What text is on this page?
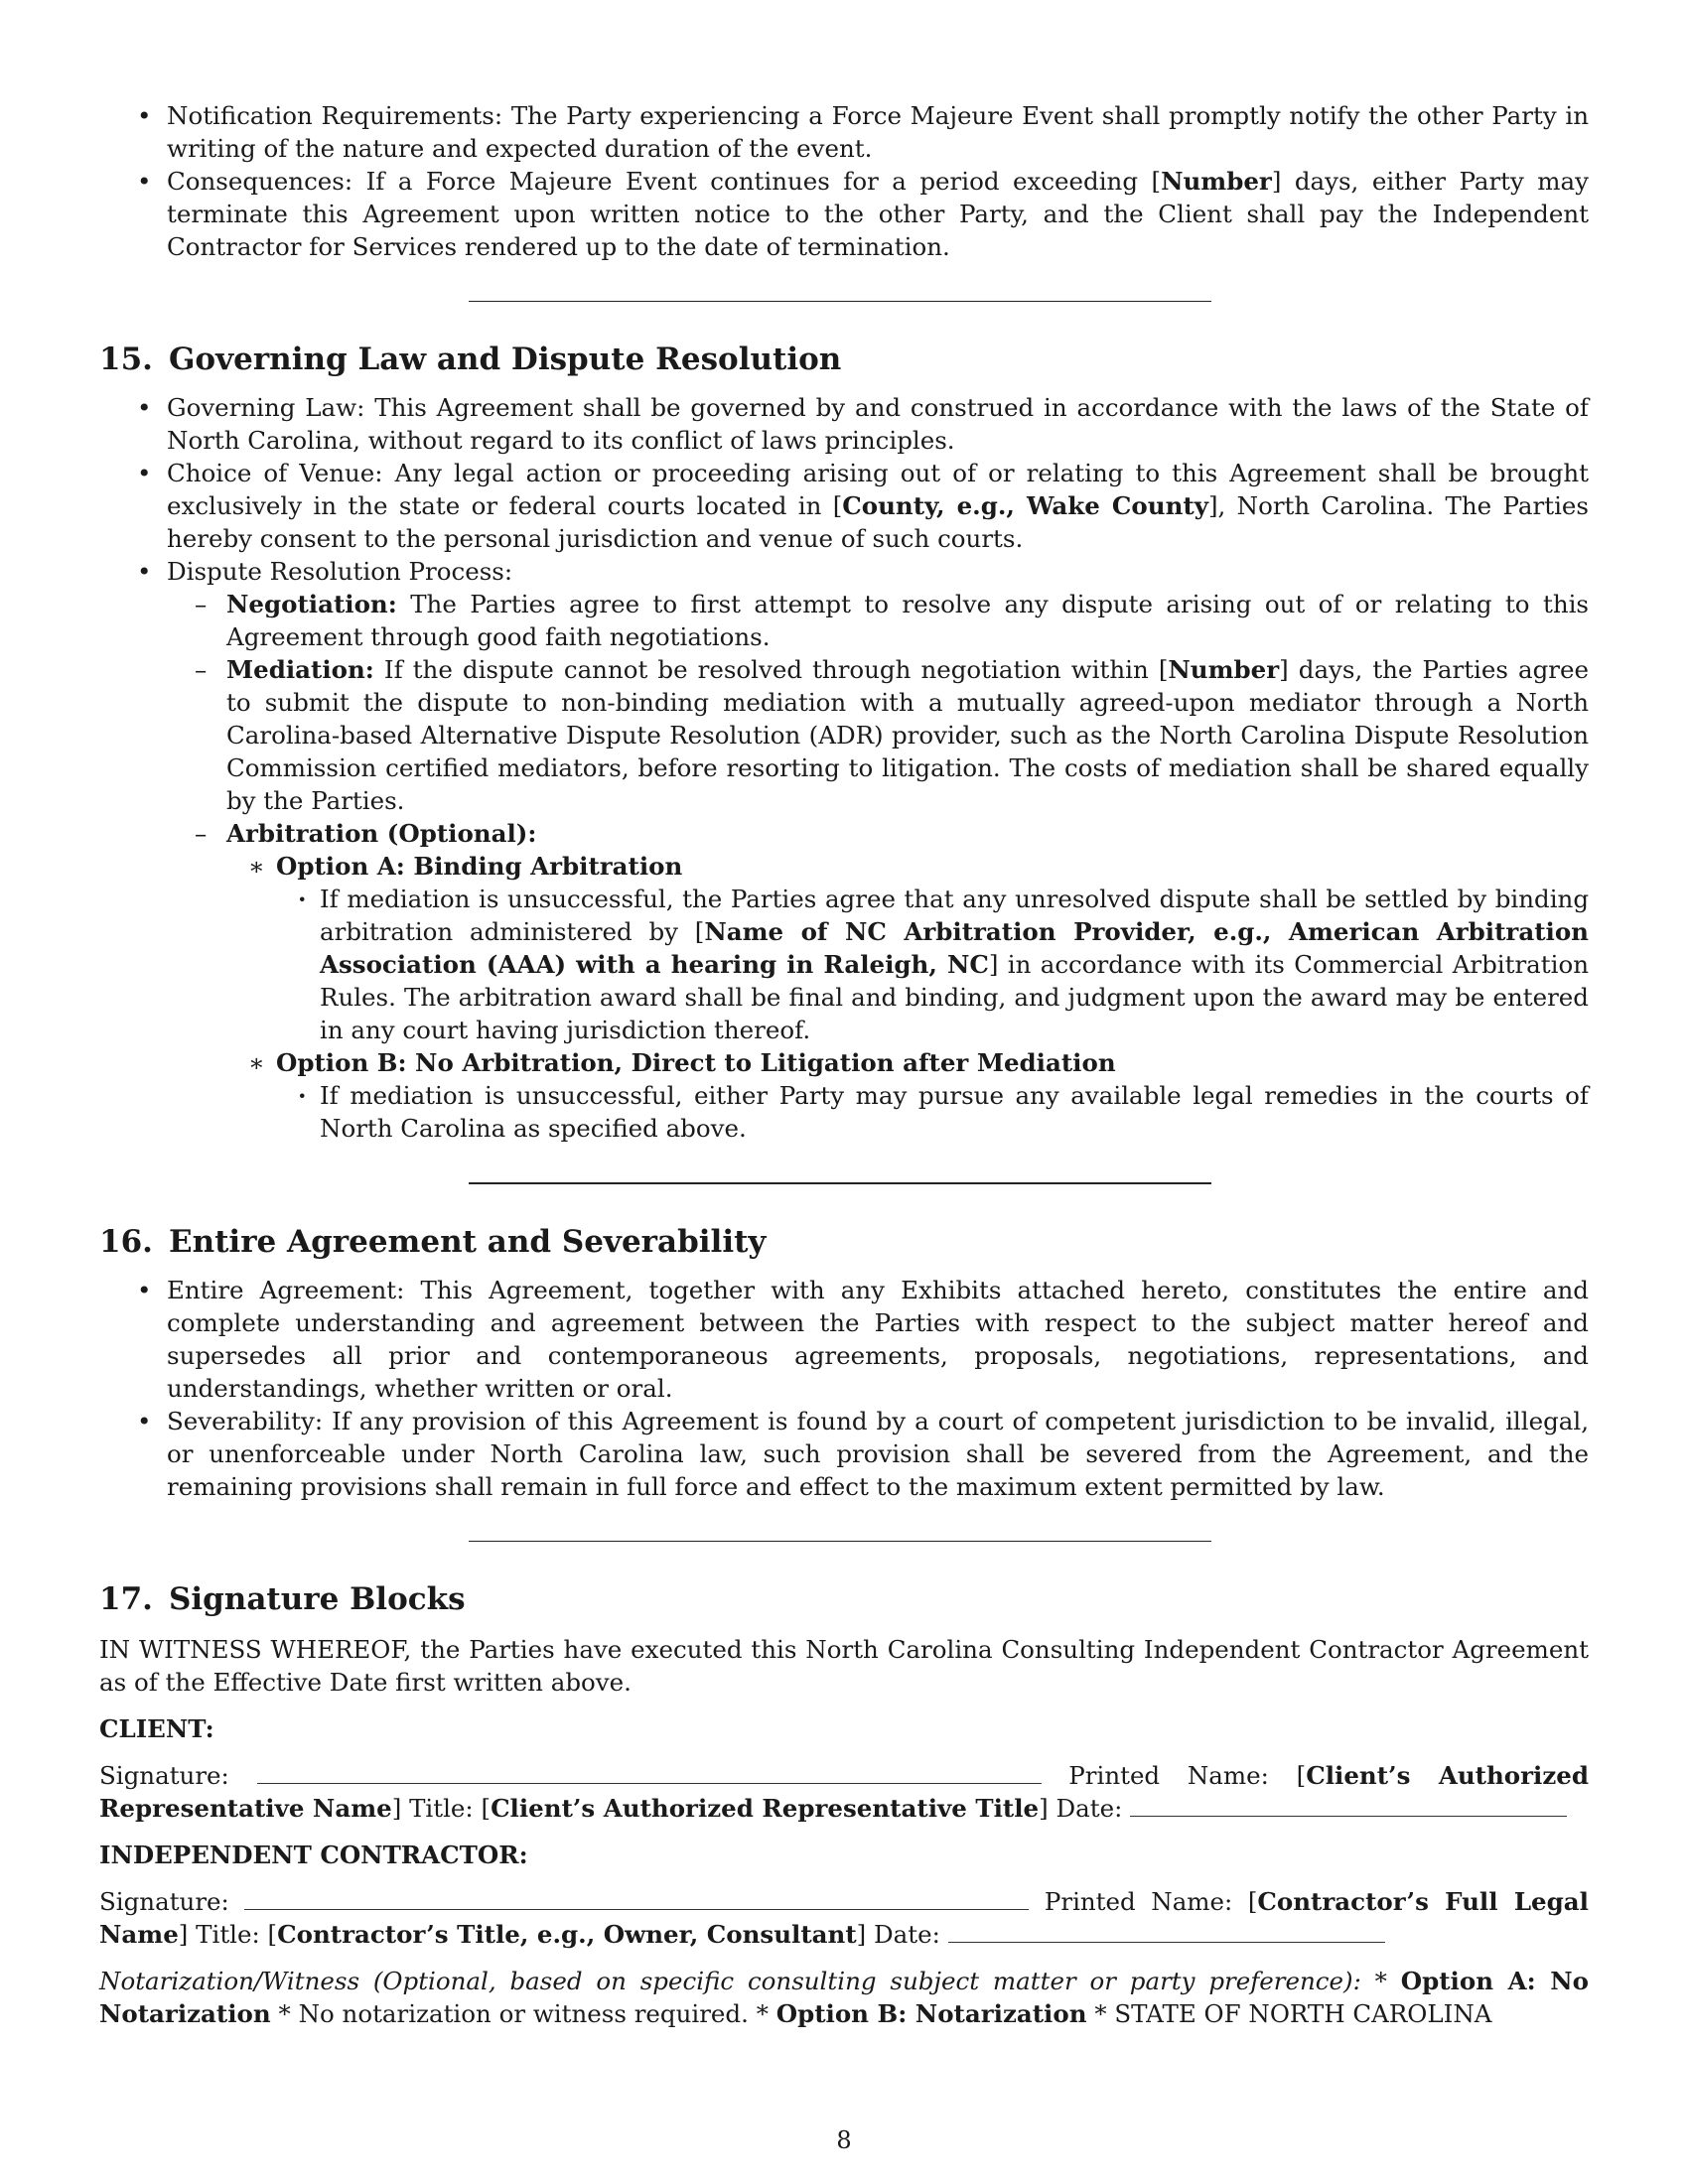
• Notification Requirements: The Party experiencing a Force Majeure Event shall promptly notify the other Party in writing of the nature and expected duration of the event.
• Consequences: If a Force Majeure Event continues for a period exceeding [Number] days, either Party may terminate this Agreement upon written notice to the other Party, and the Client shall pay the Independent Contractor for Services rendered up to the date of termination.
15. Governing Law and Dispute Resolution
• Governing Law: This Agreement shall be governed by and construed in accordance with the laws of the State of North Carolina, without regard to its conflict of laws principles.
• Choice of Venue: Any legal action or proceeding arising out of or relating to this Agreement shall be brought exclusively in the state or federal courts located in [County, e.g., Wake County], North Carolina. The Parties hereby consent to the personal jurisdiction and venue of such courts.
• Dispute Resolution Process:
– Negotiation: The Parties agree to first attempt to resolve any dispute arising out of or relating to this Agreement through good faith negotiations.
– Mediation: If the dispute cannot be resolved through negotiation within [Number] days, the Parties agree to submit the dispute to non-binding mediation with a mutually agreed-upon mediator through a North Carolina-based Alternative Dispute Resolution (ADR) provider, such as the North Carolina Dispute Resolution Commission certified mediators, before resorting to litigation. The costs of mediation shall be shared equally by the Parties.
– Arbitration (Optional):
∗ Option A: Binding Arbitration
· If mediation is unsuccessful, the Parties agree that any unresolved dispute shall be settled by binding arbitration administered by [Name of NC Arbitration Provider, e.g., American Arbitration Association (AAA) with a hearing in Raleigh, NC] in accordance with its Commercial Arbitration Rules. The arbitration award shall be final and binding, and judgment upon the award may be entered in any court having jurisdiction thereof.
∗ Option B: No Arbitration, Direct to Litigation after Mediation
· If mediation is unsuccessful, either Party may pursue any available legal remedies in the courts of North Carolina as specified above.
16. Entire Agreement and Severability
• Entire Agreement: This Agreement, together with any Exhibits attached hereto, constitutes the entire and complete understanding and agreement between the Parties with respect to the subject matter hereof and supersedes all prior and contemporaneous agreements, proposals, negotiations, representations, and understandings, whether written or oral.
• Severability: If any provision of this Agreement is found by a court of competent jurisdiction to be invalid, illegal, or unenforceable under North Carolina law, such provision shall be severed from the Agreement, and the remaining provisions shall remain in full force and effect to the maximum extent permitted by law.
17. Signature Blocks

IN WITNESS WHEREOF, the Parties have executed this North Carolina Consulting Independent Contractor Agreement as of the Effective Date first written above.

CLIENT:

Signature:	Printed Name: [Client’s Authorized Representative Name] Title: [Client’s Authorized Representative Title] Date:

INDEPENDENT CONTRACTOR:

Signature:	Printed Name: [Contractor’s Full Legal Name] Title: [Contractor’s Title, e.g., Owner, Consultant] Date:

Notarization/Witness (Optional, based on specific consulting subject matter or party preference): * Option A: No Notarization * No notarization or witness required. * Option B: Notarization * STATE OF NORTH CAROLINA

8
